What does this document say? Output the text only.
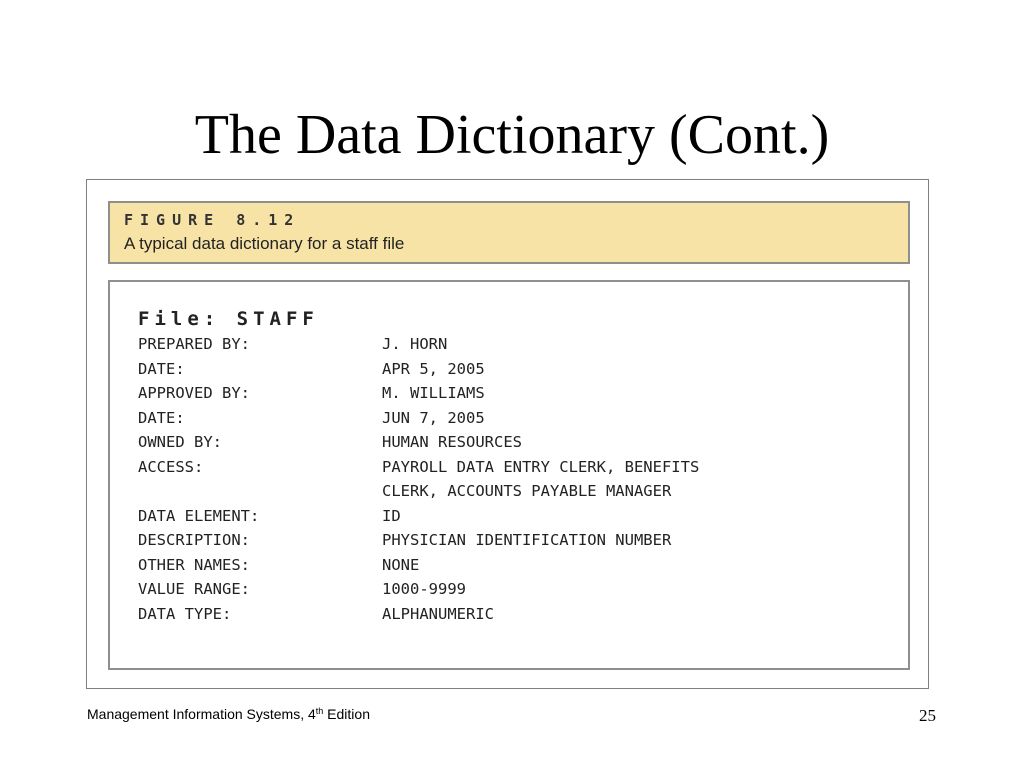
The Data Dictionary (Cont.)
FIGURE 8.12
A typical data dictionary for a staff file
File: STAFF
PREPARED BY:	J. HORN
DATE:	APR 5, 2005
APPROVED BY:	M. WILLIAMS
DATE:	JUN 7, 2005
OWNED BY:	HUMAN RESOURCES
ACCESS:	PAYROLL DATA ENTRY CLERK, BENEFITS
CLERK, ACCOUNTS PAYABLE MANAGER
DATA ELEMENT:	ID
DESCRIPTION:	PHYSICIAN IDENTIFICATION NUMBER
OTHER NAMES:	NONE
VALUE RANGE:	1000-9999
DATA TYPE:	ALPHANUMERIC
Management Information Systems, 4th Edition	25
